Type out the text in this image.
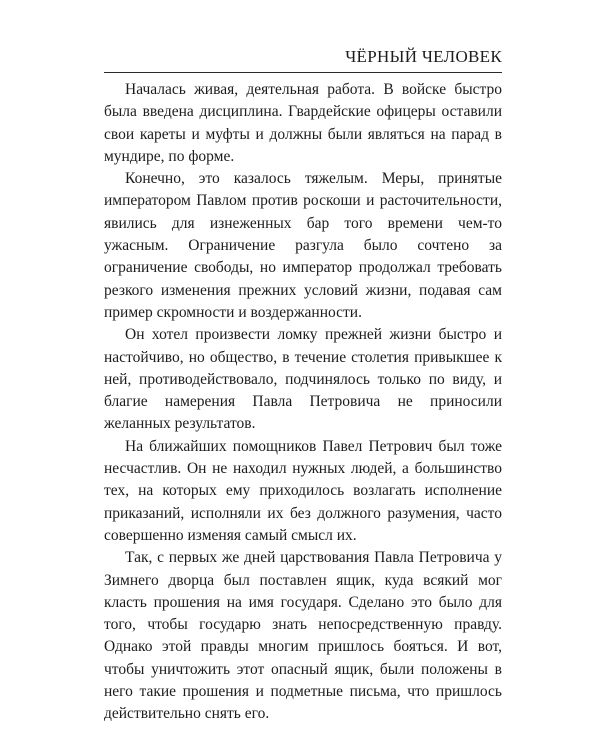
ЧЁРНЫЙ ЧЕЛОВЕК

Началась живая, деятельная работа. В войске быстро была введена дисциплина. Гвардейские офицеры оставили свои кареты и муфты и должны были являться на парад в мундире, по форме.

Конечно, это казалось тяжелым. Меры, принятые императором Павлом против роскоши и расточительности, явились для изнеженных бар того времени чем-то ужасным. Ограничение разгула было сочтено за ограничение свободы, но император продолжал требовать резкого изменения прежних условий жизни, подавая сам пример скромности и воздержанности.

Он хотел произвести ломку прежней жизни быстро и настойчиво, но общество, в течение столетия привыкшее к ней, противодействовало, подчинялось только по виду, и благие намерения Павла Петровича не приносили желанных результатов.

На ближайших помощников Павел Петрович был тоже несчастлив. Он не находил нужных людей, а большинство тех, на которых ему приходилось возлагать исполнение приказаний, исполняли их без должного разумения, часто совершенно изменяя самый смысл их.

Так, с первых же дней царствования Павла Петровича у Зимнего дворца был поставлен ящик, куда всякий мог класть прошения на имя государя. Сделано это было для того, чтобы государю знать непосредственную правду. Однако этой правды многим пришлось бояться. И вот, чтобы уничтожить этот опасный ящик, были положены в него такие прошения и подметные письма, что пришлось действительно снять его.
